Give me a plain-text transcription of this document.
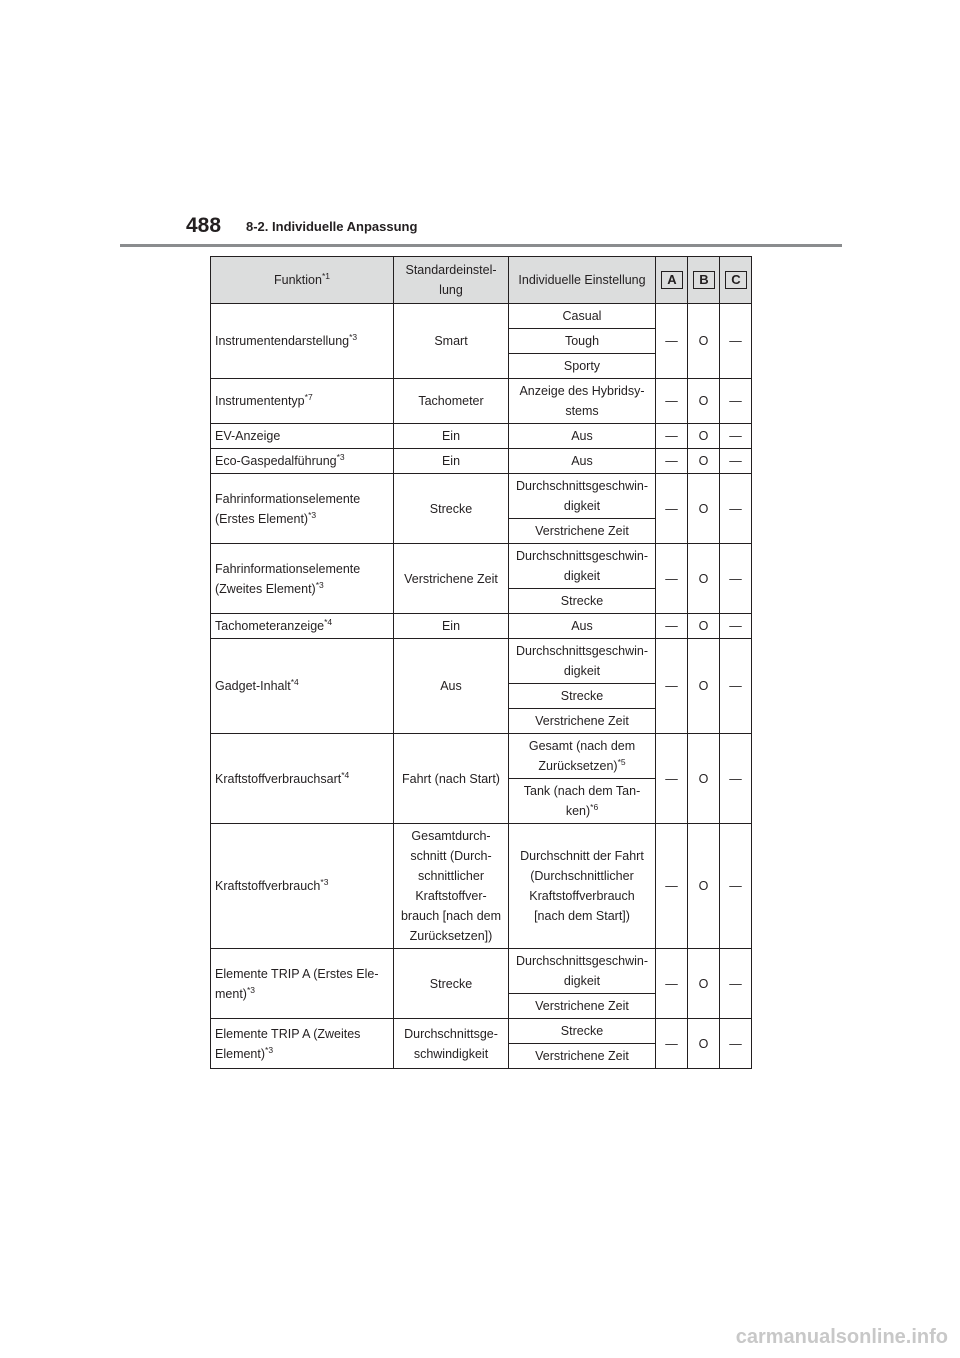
488 8-2. Individuelle Anpassung
Funktion$^{*1}$	Standardeinstel-lung	Individuelle Einstellung	A	B	C
Instrumentendarstellung$^{*3}$	Smart	Casual	—	O	—
		Tough			
		Sporty			
Instrumententyp$^{*7}$	Tachometer	Anzeige des Hybridsy-stems	—	O	—
EV-Anzeige	Ein	Aus	—	O	—
Eco-Gaspedalführung$^{*3}$	Ein	Aus	—	O	—
Fahrinformationselemente (Erstes Element)$^{*3}$	Strecke	Durchschnittsgeschwin-digkeit	—	O	—
		Verstrichene Zeit			
Fahrinformationselemente (Zweites Element)$^{*3}$	Verstrichene Zeit	Durchschnittsgeschwin-digkeit	—	O	—
		Strecke			
Tachometeranzeige$^{*4}$	Ein	Aus	—	O	—
Gadget-Inhalt$^{*4}$	Aus	Durchschnittsgeschwin-digkeit	—	O	—
		Strecke			
		Verstrichene Zeit			
Kraftstoffverbrauchsart$^{*4}$	Fahrt (nach Start)	Gesamt (nach dem Zurücksetzen)$^{*5}$	—	O	—
		Tank (nach dem Tan-ken)$^{*6}$
Kraftstoffverbrauch$^{*3}$	Gesamtdurch-schnitt (Durch-schnittlicher Kraftstoffver-brauch [nach dem Zurücksetzen])	Durchschnitt der Fahrt (Durchschnittlicher Kraftstoffverbrauch [nach dem Start])	—	O	—
Elemente TRIP A (Erstes Ele-ment)$^{*3}$	Strecke	Durchschnittsgeschwin-digkeit	—	O	—
		Verstrichene Zeit			
Elemente TRIP A (Zweites Element)$^{*3}$	Durchschnittsge-schwindigkeit	Strecke	—	O	—
		Verstrichene Zeit			
carmanualsonline.info
